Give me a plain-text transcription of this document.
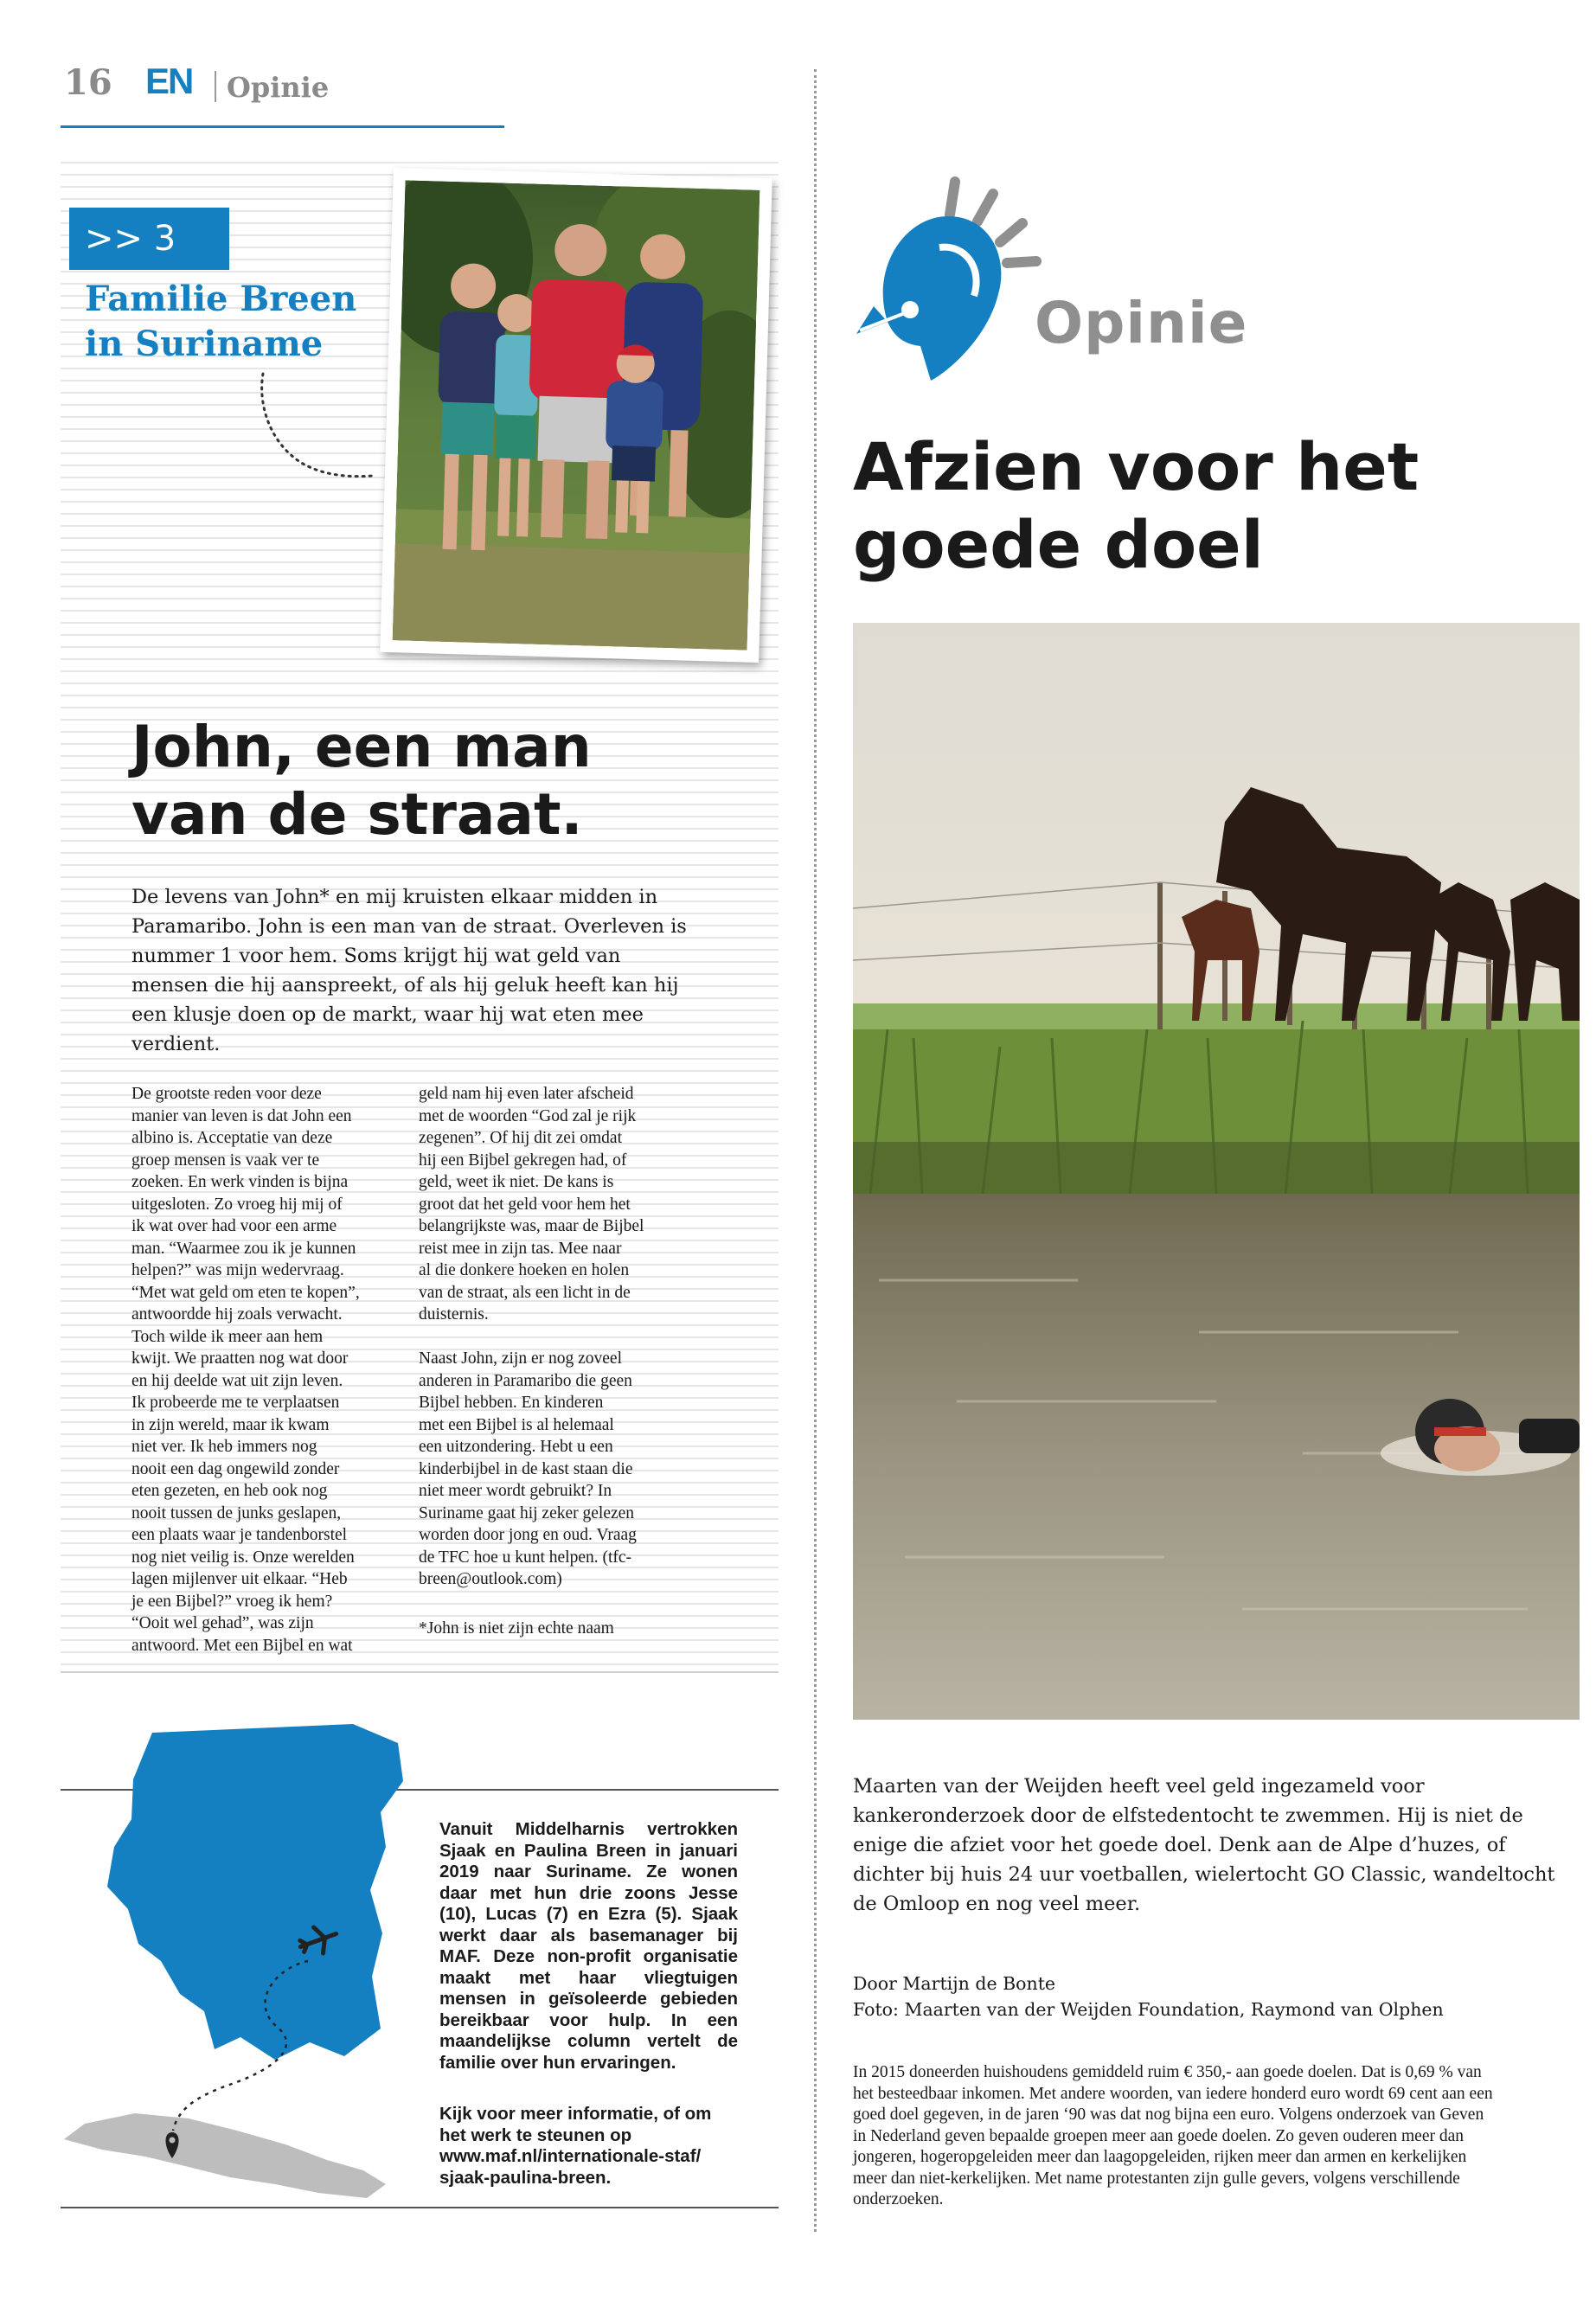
16 EN Opinie
>> 3
Familie Breen in Suriname
John, een man van de straat.
De levens van John* en mij kruisten elkaar midden in Paramaribo. John is een man van de straat. Overleven is nummer 1 voor hem. Soms krijgt hij wat geld van mensen die hij aanspreekt, of als hij geluk heeft kan hij een klusje doen op de markt, waar hij wat eten mee verdient.
De grootste reden voor deze
manier van leven is dat John een
albino is. Acceptatie van deze
groep mensen is vaak ver te
zoeken. En werk vinden is bijna
uitgesloten. Zo vroeg hij mij of
ik wat over had voor een arme
man. “Waarmee zou ik je kunnen
helpen?” was mijn wedervraag.
“Met wat geld om eten te kopen”,
antwoordde hij zoals verwacht.
Toch wilde ik meer aan hem
kwijt. We praatten nog wat door
en hij deelde wat uit zijn leven.
Ik probeerde me te verplaatsen
in zijn wereld, maar ik kwam
niet ver. Ik heb immers nog
nooit een dag ongewild zonder
eten gezeten, en heb ook nog
nooit tussen de junks geslapen,
een plaats waar je tandenborstel
nog niet veilig is. Onze werelden
lagen mijlenver uit elkaar. “Heb
je een Bijbel?” vroeg ik hem?
“Ooit wel gehad”, was zijn
antwoord. Met een Bijbel en wat
geld nam hij even later afscheid
met de woorden “God zal je rijk
zegenen”. Of hij dit zei omdat
hij een Bijbel gekregen had, of
geld, weet ik niet. De kans is
groot dat het geld voor hem het
belangrijkste was, maar de Bijbel
reist mee in zijn tas. Mee naar
al die donkere hoeken en holen
van de straat, als een licht in de
duisternis.

Naast John, zijn er nog zoveel
anderen in Paramaribo die geen
Bijbel hebben. En kinderen
met een Bijbel is al helemaal
een uitzondering. Hebt u een
kinderbijbel in de kast staan die
niet meer wordt gebruikt? In
Suriname gaat hij zeker gelezen
worden door jong en oud. Vraag
de TFC hoe u kunt helpen. (tfc-
breen@outlook.com)
*John is niet zijn echte naam
Vanuit Middelharnis vertrokken Sjaak en Paulina Breen in januari 2019 naar Suriname. Ze wonen daar met hun drie zoons Jesse (10), Lucas (7) en Ezra (5). Sjaak werkt daar als basemanager bij MAF. Deze non-profit organisatie maakt met haar vliegtuigen mensen in geïsoleerde gebieden bereikbaar voor hulp. In een maandelijkse column vertelt de familie over hun ervaringen.
Kijk voor meer informatie, of om het werk te steunen op www.maf.nl/internationale-staf/ sjaak-paulina-breen.
Opinie
Afzien voor het goede doel
Maarten van der Weijden heeft veel geld ingezameld voor kankeronderzoek door de elfstedentocht te zwemmen. Hij is niet de enige die afziet voor het goede doel. Denk aan de Alpe d’huzes, of dichter bij huis 24 uur voetballen, wielertocht GO Classic, wandeltocht de Omloop en nog veel meer.
Door Martijn de Bonte
Foto: Maarten van der Weijden Foundation, Raymond van Olphen
In 2015 doneerden huishoudens gemiddeld ruim € 350,- aan goede doelen. Dat is 0,69 % van het besteedbaar inkomen. Met andere woorden, van iedere honderd euro wordt 69 cent aan een goed doel gegeven, in de jaren ‘90 was dat nog bijna een euro. Volgens onderzoek van Geven in Nederland geven bepaalde groepen meer aan goede doelen. Zo geven ouderen meer dan jongeren, hogeropgeleiden meer dan laagopgeleiden, rijken meer dan armen en kerkelijken meer dan niet-kerkelijken. Met name protestanten zijn gulle gevers, volgens verschillende onderzoeken.
